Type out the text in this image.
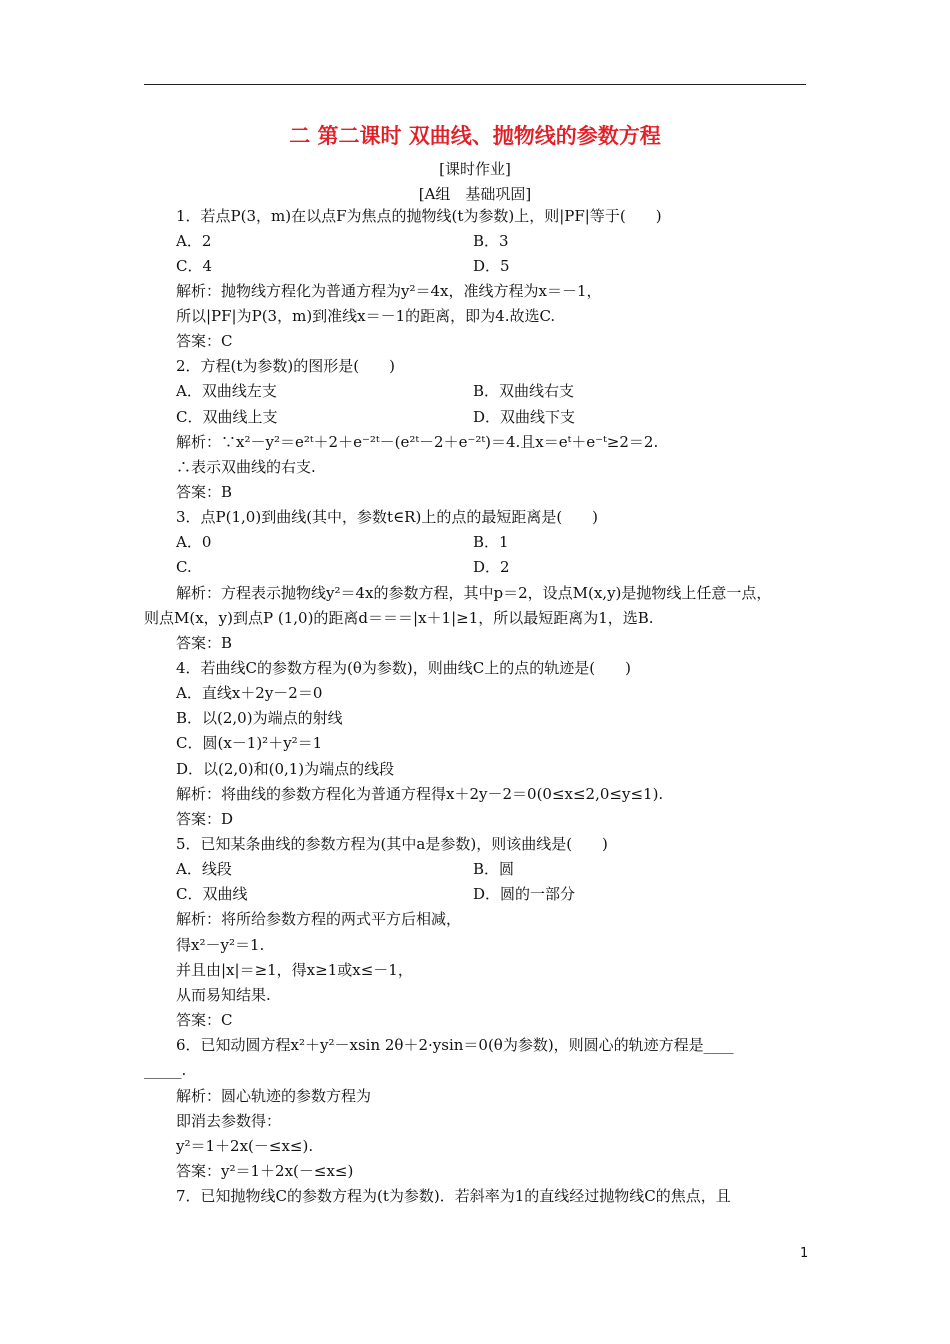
二 第二课时 双曲线、抛物线的参数方程
[课时作业]
[A组　基础巩固]
1．若点P(3，m)在以点F为焦点的抛物线(t为参数)上，则|PF|等于(　　)
A．2	B．3
C．4	D．5
解析：抛物线方程化为普通方程为y²＝4x，准线方程为x＝－1，
所以|PF|为P(3，m)到准线x＝－1的距离，即为4.故选C.
答案：C
2．方程(t为参数)的图形是(　　)
A．双曲线左支	B．双曲线右支
C．双曲线上支	D．双曲线下支
解析：∵x²－y²＝e²ᵗ＋2＋e⁻²ᵗ－(e²ᵗ－2＋e⁻²ᵗ)＝4.且x＝eᵗ＋e⁻ᵗ≥2＝2.
∴表示双曲线的右支.
答案：B
3．点P(1,0)到曲线(其中，参数t∈R)上的点的最短距离是(　　)
A．0	B．1
C.	D．2
解析：方程表示抛物线y²＝4x的参数方程，其中p＝2，设点M(x,y)是抛物线上任意一点，
则点M(x，y)到点P (1,0)的距离d＝＝＝|x＋1|≥1，所以最短距离为1，选B.
答案：B
4．若曲线C的参数方程为(θ为参数)，则曲线C上的点的轨迹是(　　)
A．直线x＋2y－2＝0
B．以(2,0)为端点的射线
C．圆(x－1)²＋y²＝1
D．以(2,0)和(0,1)为端点的线段
解析：将曲线的参数方程化为普通方程得x＋2y－2＝0(0≤x≤2,0≤y≤1).
答案：D
5．已知某条曲线的参数方程为(其中a是参数)，则该曲线是(　　)
A．线段	B．圆
C．双曲线	D．圆的一部分
解析：将所给参数方程的两式平方后相减，
得x²－y²＝1.
并且由|x|＝≥1，得x≥1或x≤－1，
从而易知结果.
答案：C
6．已知动圆方程x²＋y²－xsin 2θ＋2·ysin＝0(θ为参数)，则圆心的轨迹方程是____
_____.
解析：圆心轨迹的参数方程为
即消去参数得：
y²＝1＋2x(－≤x≤).
答案：y²＝1＋2x(－≤x≤)
7．已知抛物线C的参数方程为(t为参数)．若斜率为1的直线经过抛物线C的焦点，且
1
